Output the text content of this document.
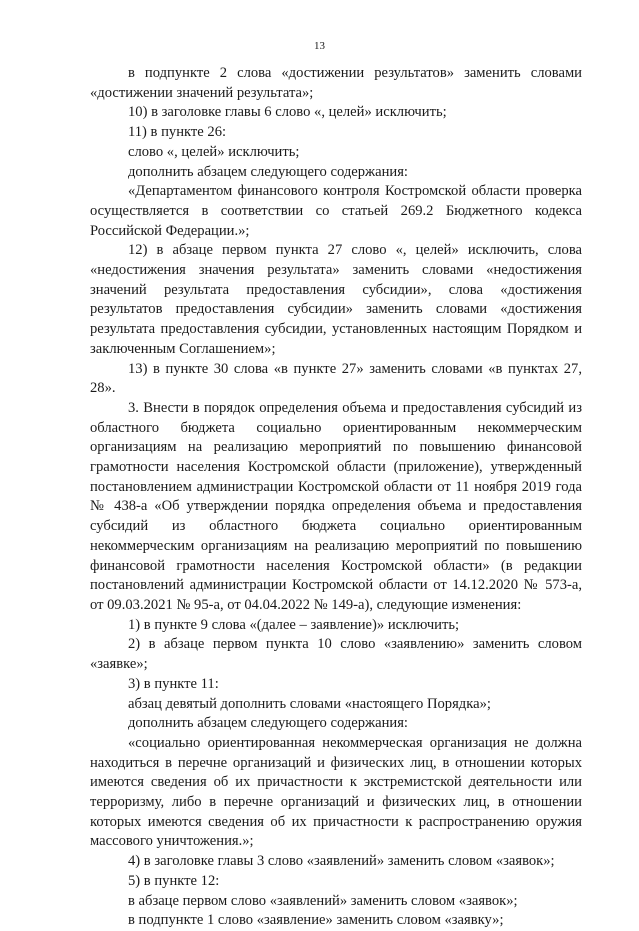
13

в подпункте 2 слова «достижении результатов» заменить словами «достижении значений результата»;

10) в заголовке главы 6 слово «, целей» исключить;

11) в пункте 26:

слово «, целей» исключить;

дополнить абзацем следующего содержания:

«Департаментом финансового контроля Костромской области проверка осуществляется в соответствии со статьей 269.2 Бюджетного кодекса Российской Федерации.»;

12) в абзаце первом пункта 27 слово «, целей» исключить, слова «недостижения значения результата» заменить словами «недостижения значений результата предоставления субсидии», слова «достижения результатов предоставления субсидии» заменить словами «достижения результата предоставления субсидии, установленных настоящим Порядком и заключенным Соглашением»;

13) в пункте 30 слова «в пункте 27» заменить словами «в пунктах 27, 28».

3. Внести в порядок определения объема и предоставления субсидий из областного бюджета социально ориентированным некоммерческим организациям на реализацию мероприятий по повышению финансовой грамотности населения Костромской области (приложение), утвержденный постановлением администрации Костромской области от 11 ноября 2019 года № 438-а «Об утверждении порядка определения объема и предоставления субсидий из областного бюджета социально ориентированным некоммерческим организациям на реализацию мероприятий по повышению финансовой грамотности населения Костромской области» (в редакции постановлений администрации Костромской области от 14.12.2020 № 573-а, от 09.03.2021 № 95-а, от 04.04.2022 № 149-а), следующие изменения:

1) в пункте 9 слова «(далее – заявление)» исключить;

2) в абзаце первом пункта 10 слово «заявлению» заменить словом «заявке»;

3) в пункте 11:

абзац девятый дополнить словами «настоящего Порядка»;

дополнить абзацем следующего содержания:

«социально ориентированная некоммерческая организация не должна находиться в перечне организаций и физических лиц, в отношении которых имеются сведения об их причастности к экстремистской деятельности или терроризму, либо в перечне организаций и физических лиц, в отношении которых имеются сведения об их причастности к распространению оружия массового уничтожения.»;

4) в заголовке главы 3 слово «заявлений» заменить словом «заявок»;

5) в пункте 12:

в абзаце первом слово «заявлений» заменить словом «заявок»;

в подпункте 1 слово «заявление» заменить словом «заявку»;
